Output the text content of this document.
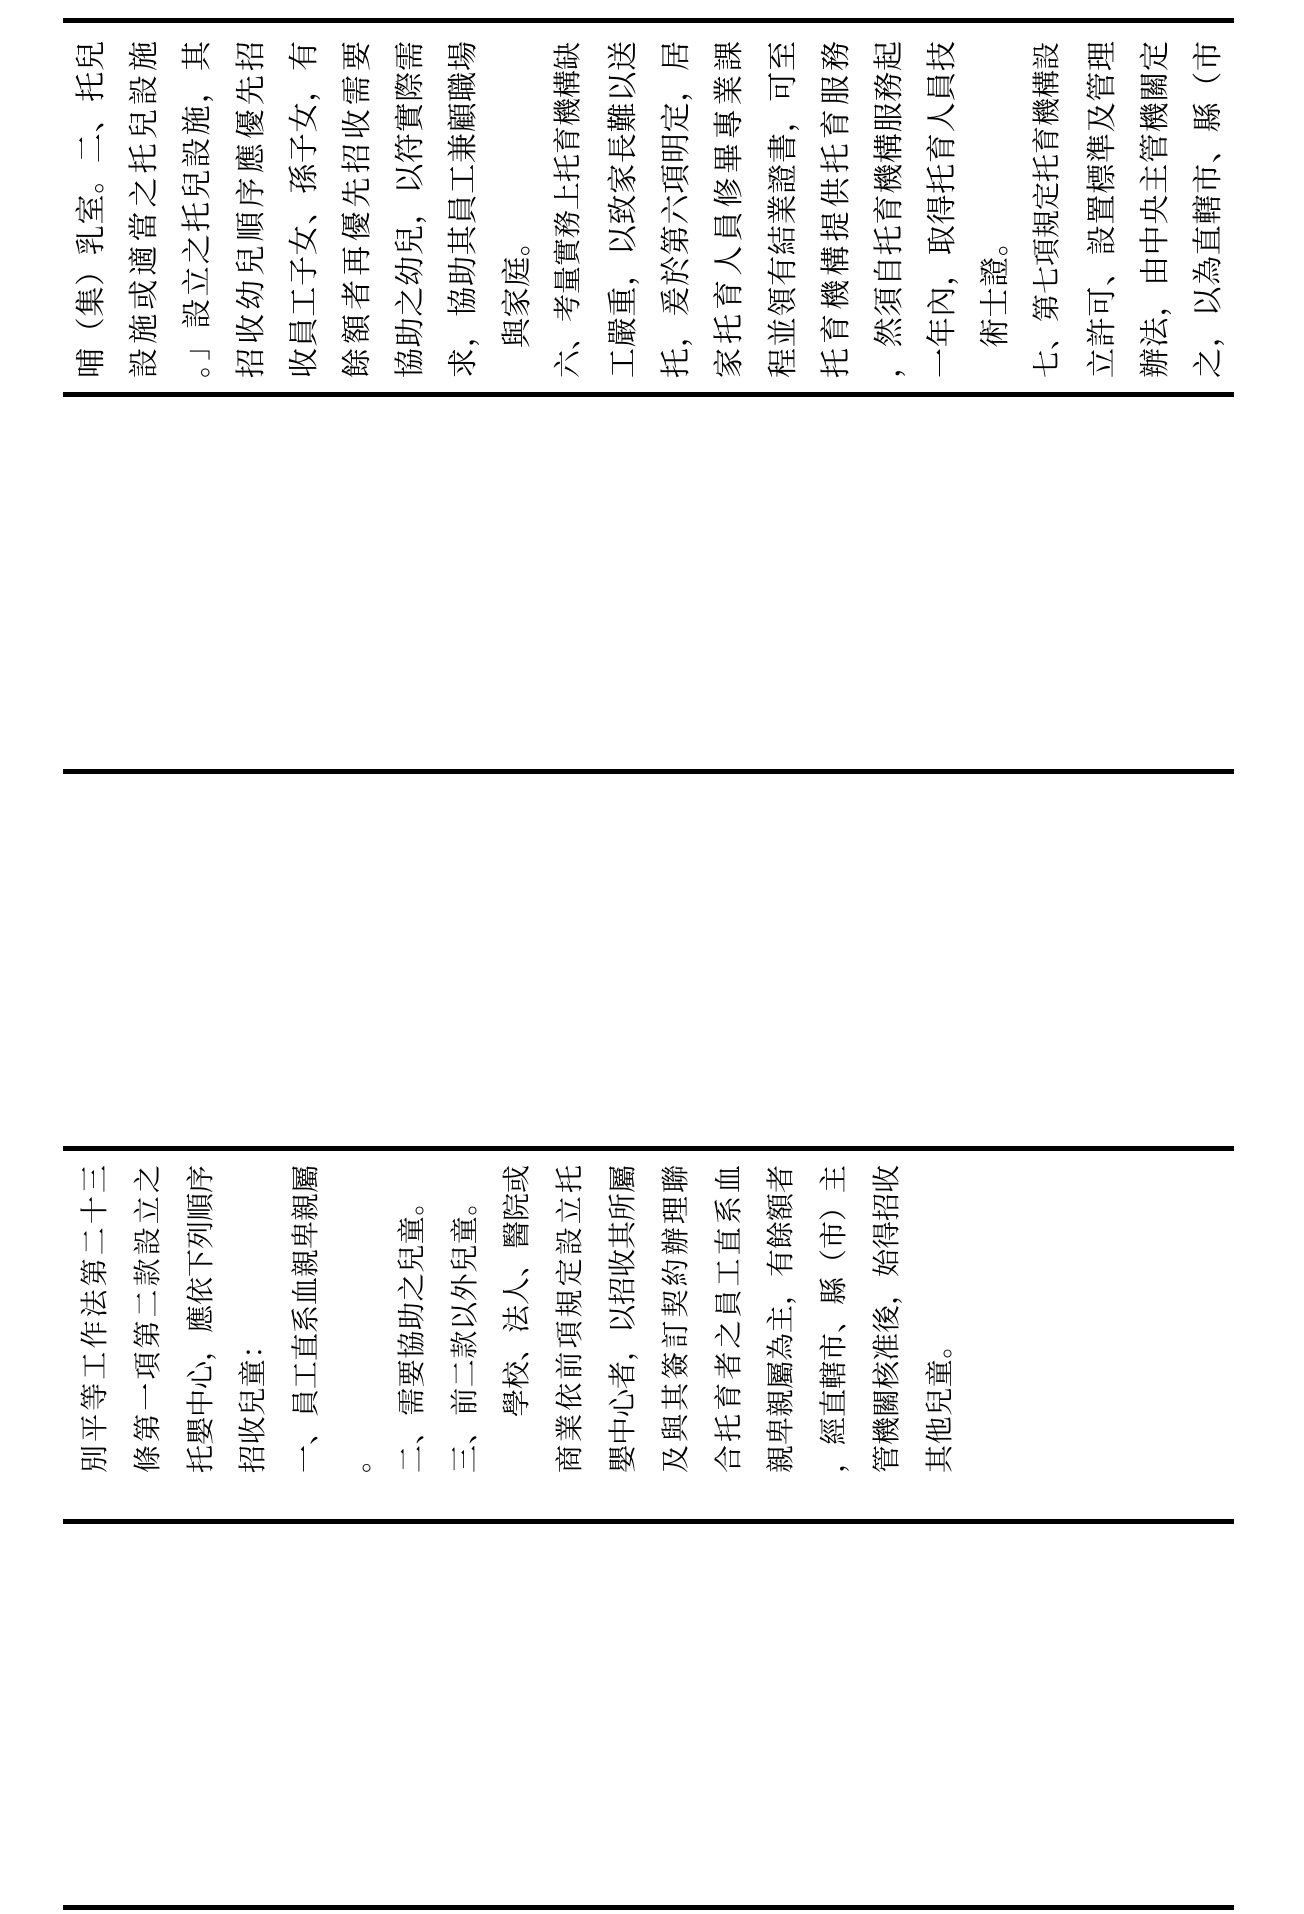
哺（集）乳室。二、托兒 設施或適當之托兒設施 。」設立之托兒設施，其 招收幼兒順序應優先招 收員工子女、孫子女，有 餘額者再優先招收需要 協助之幼兒，以符實際需 求，協助其員工兼顧職場 與家庭。 六、考量實務上托育機構缺 工嚴重，以致家長難以送 托，爰於第六項明定，居 家托育人員修畢專業課 程並領有結業證書，可至 托育機構提供托育服務 ，然須自托育機構服務起 一年內，取得托育人員技 術士證。 七、第七項規定托育機構設 立許可、設置標準及管理 辦法，由中央主管機關定 之，以為直轄市、縣（市
別平等工作法第二十三 條第一項第二款設立之 托嬰中心，應依下列順序 招收兒童： 一、員工直系血親卑親屬 。 二、需要協助之兒童。 三、前二款以外兒童。 學校、法人、醫院或 商業依前項規定設立托 嬰中心者，以招收其所屬 及與其簽訂契約辦理聯 合托育者之員工直系血 親卑親屬為主，有餘額者 ，經直轄市、縣（市）主 管機關核准後，始得招收 其他兒童。
